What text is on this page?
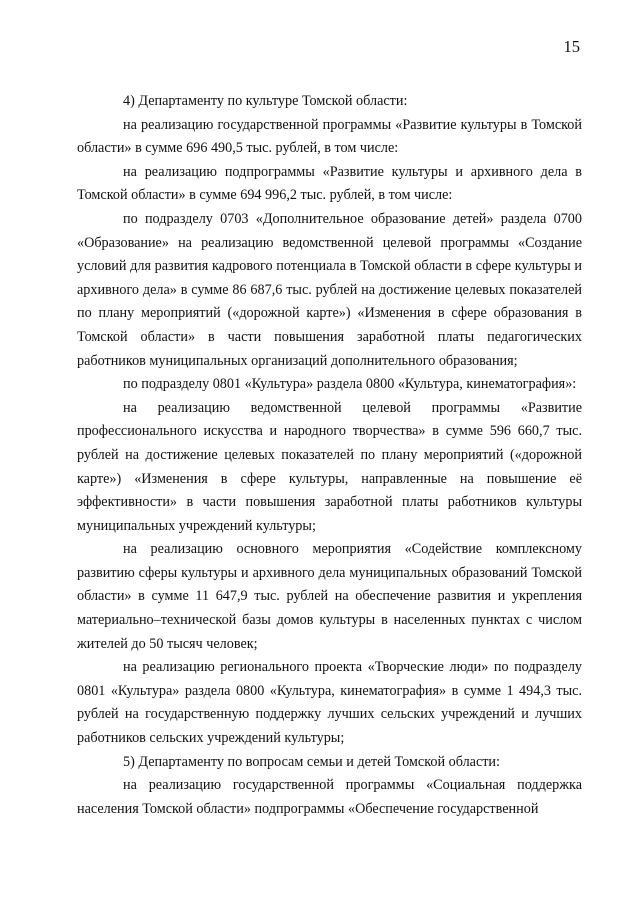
15

4) Департаменту по культуре Томской области:

на реализацию государственной программы «Развитие культуры в Томской области» в сумме 696 490,5 тыс. рублей, в том числе:

на реализацию подпрограммы «Развитие культуры и архивного дела в Томской области» в сумме 694 996,2 тыс. рублей, в том числе:

по подразделу 0703 «Дополнительное образование детей» раздела 0700 «Образование» на реализацию ведомственной целевой программы «Создание условий для развития кадрового потенциала в Томской области в сфере культуры и архивного дела» в сумме 86 687,6 тыс. рублей на достижение целевых показателей по плану мероприятий («дорожной карте») «Изменения в сфере образования в Томской области» в части повышения заработной платы педагогических работников муниципальных организаций дополнительного образования;

по подразделу 0801 «Культура» раздела 0800 «Культура, кинематография»:

на реализацию ведомственной целевой программы «Развитие профессионального искусства и народного творчества» в сумме 596 660,7 тыс. рублей на достижение целевых показателей по плану мероприятий («дорожной карте») «Изменения в сфере культуры, направленные на повышение её эффективности» в части повышения заработной платы работников культуры муниципальных учреждений культуры;

на реализацию основного мероприятия «Содействие комплексному развитию сферы культуры и архивного дела муниципальных образований Томской области» в сумме 11 647,9 тыс. рублей на обеспечение развития и укрепления материально–технической базы домов культуры в населенных пунктах с числом жителей до 50 тысяч человек;

на реализацию регионального проекта «Творческие люди» по подразделу 0801 «Культура» раздела 0800 «Культура, кинематография» в сумме 1 494,3 тыс. рублей на государственную поддержку лучших сельских учреждений и лучших работников сельских учреждений культуры;

5) Департаменту по вопросам семьи и детей Томской области:

на реализацию государственной программы «Социальная поддержка населения Томской области» подпрограммы «Обеспечение государственной
